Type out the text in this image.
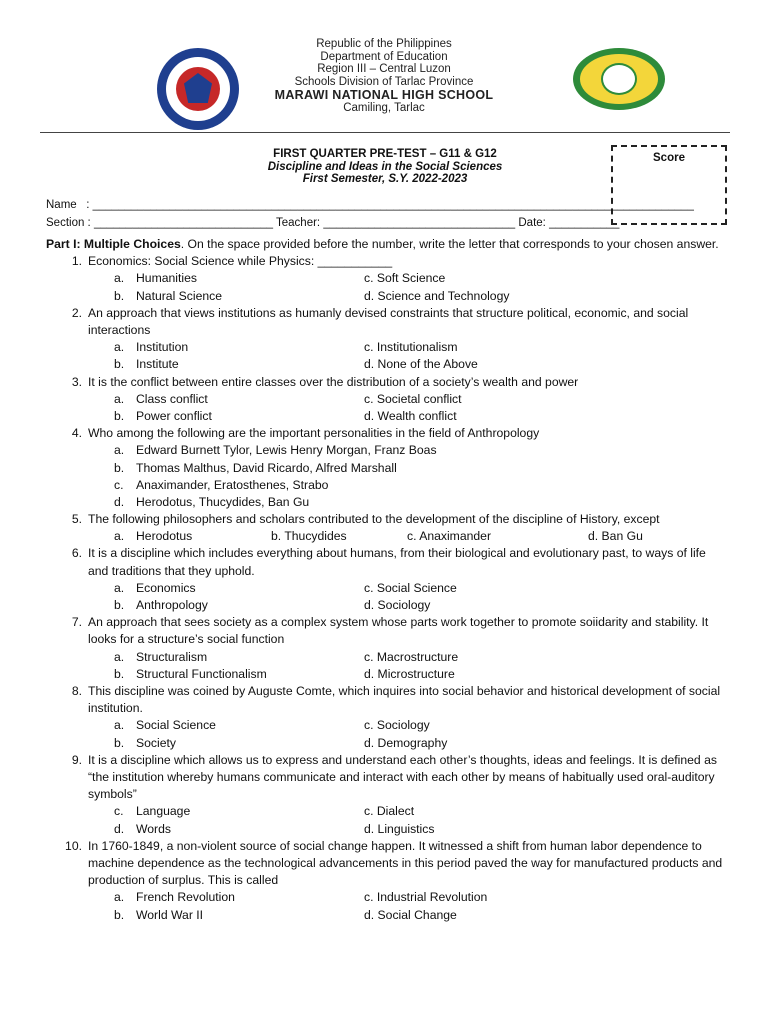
Republic of the Philippines
Department of Education
Region III – Central Luzon
Schools Division of Tarlac Province
MARAWI NATIONAL HIGH SCHOOL
Camiling, Tarlac
FIRST QUARTER PRE-TEST – G11 & G12
Discipline and Ideas in the Social Sciences
First Semester, S.Y. 2022-2023
Score
Name   : ______________________________________________________________________________________________
Section : ____________________________ Teacher: ______________________________ Date: ___________

Part I: Multiple Choices. On the space provided before the number, write the letter that corresponds to your chosen answer.

1. Economics: Social Science while Physics: ___________

a. Humanities	c. Soft Science
b. Natural Science	d. Science and Technology

2. An approach that views institutions as humanly devised constraints that structure political, economic, and social interactions

a. Institution	c. Institutionalism
b. Institute	d. None of the Above

3. It is the conflict between entire classes over the distribution of a society’s wealth and power

a. Class conflict	c. Societal conflict
b. Power conflict	d. Wealth conflict

4. Who among the following are the important personalities in the field of Anthropology

a. Edward Burnett Tylor, Lewis Henry Morgan, Franz Boas
b. Thomas Malthus, David Ricardo, Alfred Marshall
c. Anaximander, Eratosthenes, Strabo
d. Herodotus, Thucydides, Ban Gu

5. The following philosophers and scholars contributed to the development of the discipline of History, except

a. Herodotus	b. Thucydides	c. Anaximander	d. Ban Gu

6. It is a discipline which includes everything about humans, from their biological and evolutionary past, to ways of life and traditions that they uphold.

a. Economics	c. Social Science
b. Anthropology	d. Sociology

7. An approach that sees society as a complex system whose parts work together to promote soiidarity and stability. It looks for a structure’s social function

a. Structuralism	c. Macrostructure
b. Structural Functionalism	d. Microstructure

8. This discipline was coined by Auguste Comte, which inquires into social behavior and historical development of social institution.

a. Social Science	c. Sociology
b. Society	d. Demography

9. It is a discipline which allows us to express and understand each other’s thoughts, ideas and feelings. It is defined as “the institution whereby humans communicate and interact with each other by means of habitually used oral-auditory symbols”

c. Language	c. Dialect
d. Words	d. Linguistics

10. In 1760-1849, a non-violent source of social change happen. It witnessed a shift from human labor dependence to machine dependence as the technological advancements in this period paved the way for manufactured products and production of surplus. This is called

a. French Revolution	c. Industrial Revolution
b. World War II	d. Social Change
